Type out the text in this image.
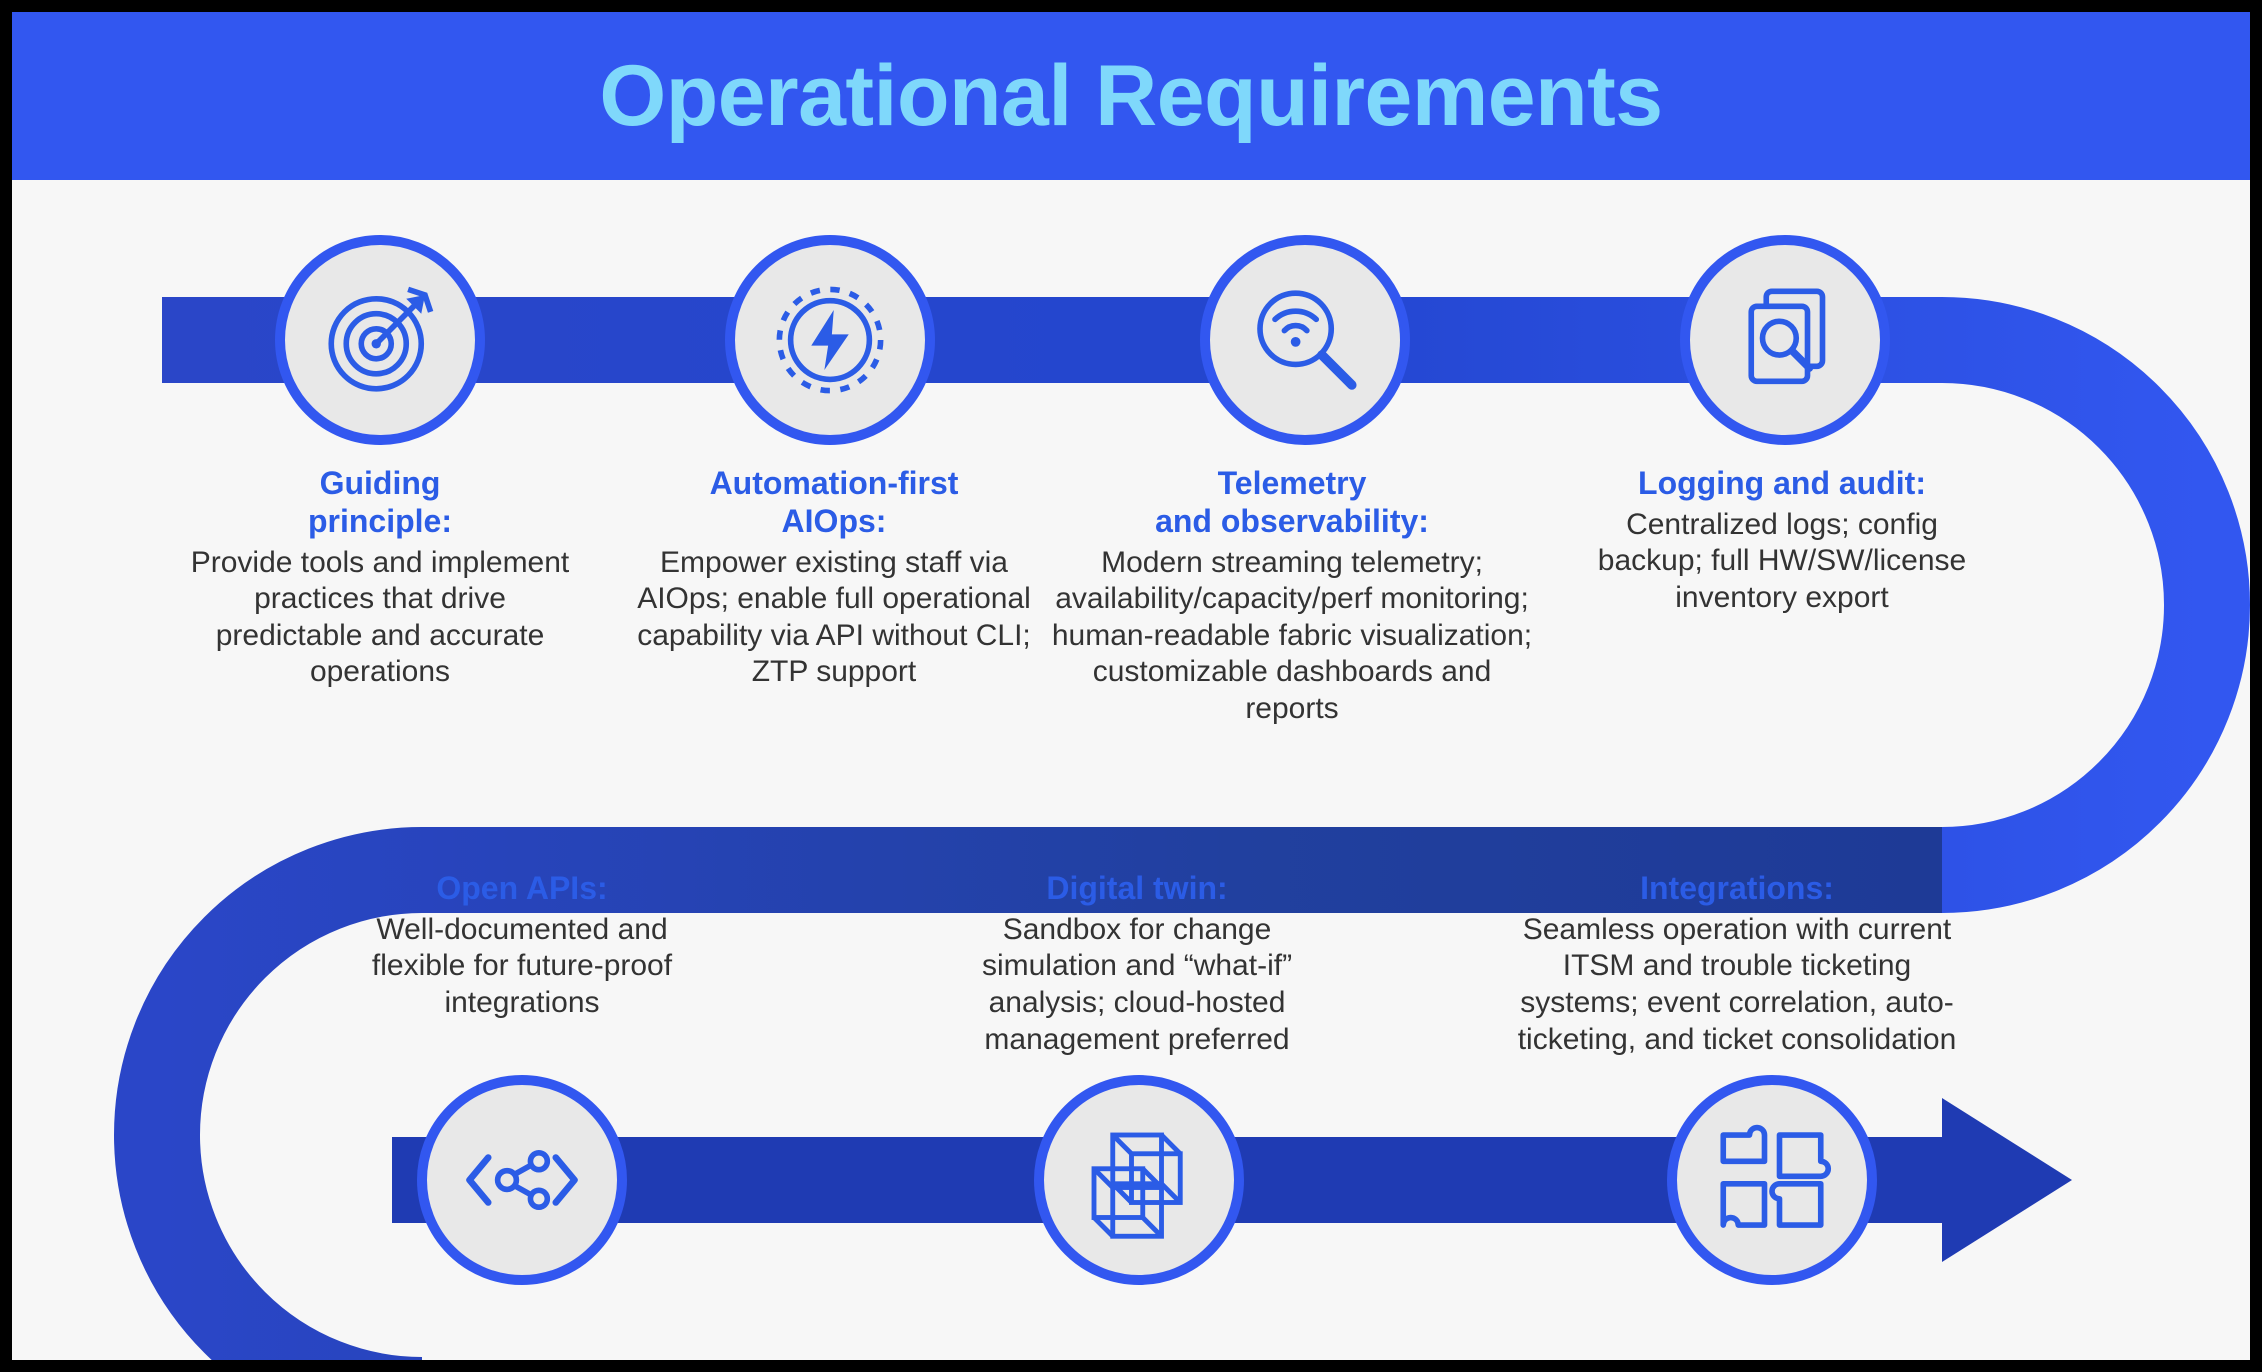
Operational Requirements
Guiding
principle:
Provide tools and implement practices that drive predictable and accurate operations
Automation-first
AIOps:
Empower existing staff via AIOps; enable full operational capability via API without CLI; ZTP support
Telemetry
and observability:
Modern streaming telemetry; availability/capacity/perf monitoring; human-readable fabric visualization; customizable dashboards and reports
Logging and audit:
Centralized logs; config backup; full HW/SW/license inventory export
Open APIs:
Well-documented and flexible for future-proof integrations
Digital twin:
Sandbox for change simulation and “what-if” analysis; cloud-hosted management preferred
Integrations:
Seamless operation with current ITSM and trouble ticketing systems; event correlation, auto-ticketing, and ticket consolidation
